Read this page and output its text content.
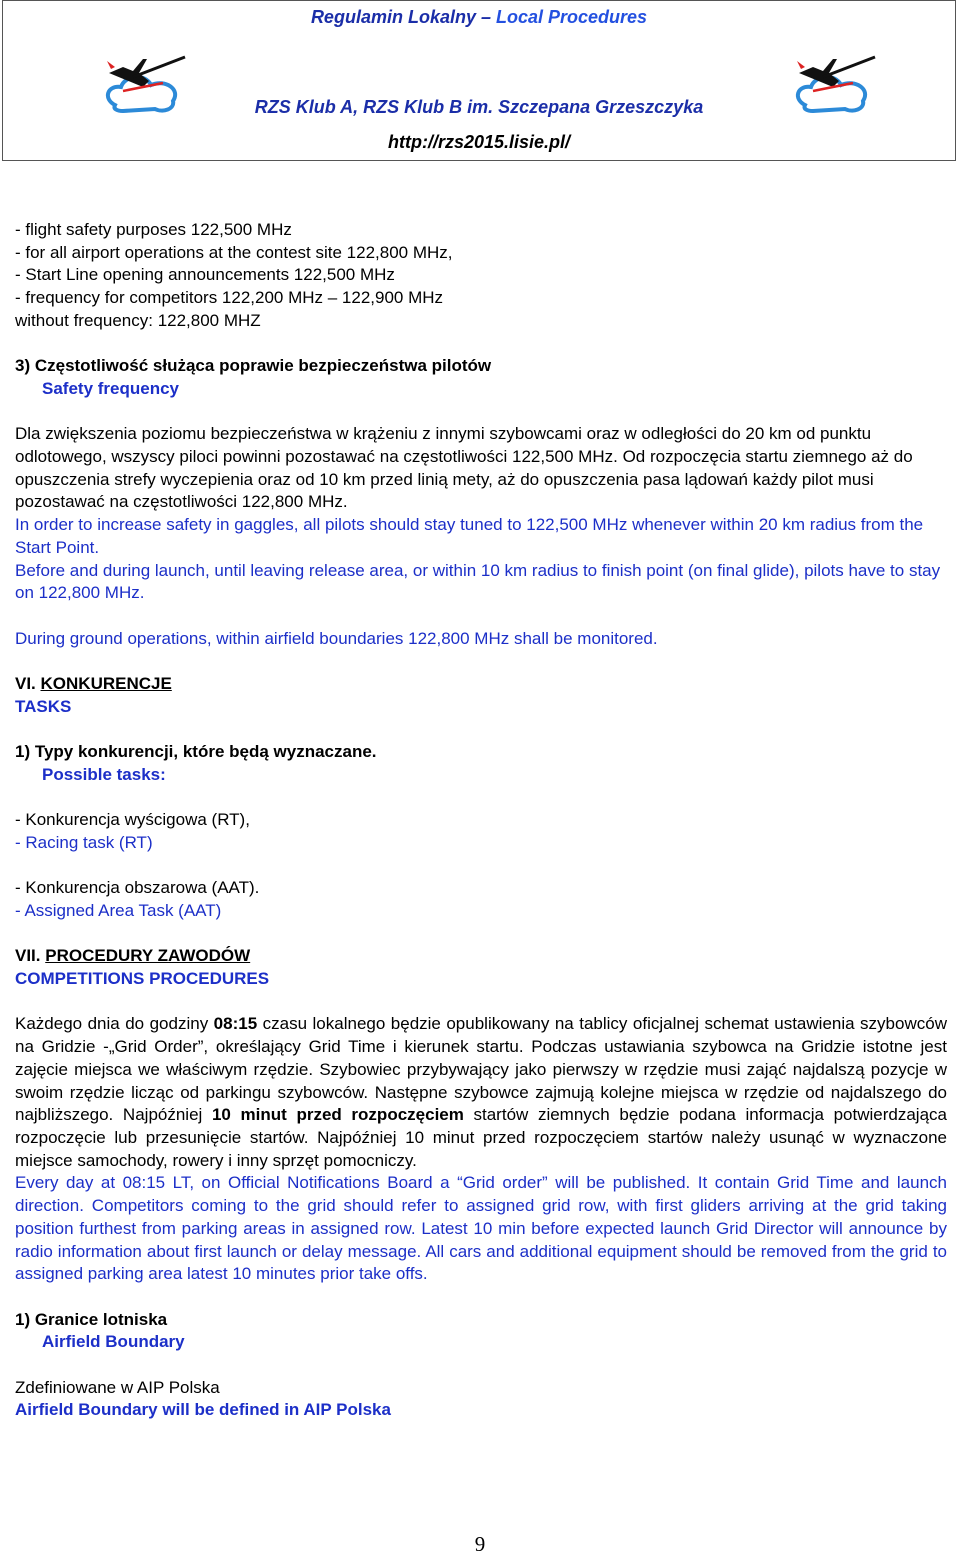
Regulamin Lokalny – Local Procedures
RZS Klub A, RZS Klub B im. Szczepana Grzeszczyka
http://rzs2015.lisie.pl/
- flight safety purposes 122,500 MHz
- for all airport operations at the contest site 122,800 MHz,
- Start Line opening announcements 122,500 MHz
- frequency for competitors 122,200 MHz – 122,900 MHz
without frequency: 122,800 MHZ
3) Częstotliwość służąca poprawie bezpieczeństwa pilotów
Safety frequency
Dla zwiększenia poziomu bezpieczeństwa w krążeniu z innymi szybowcami oraz w odległości do 20 km od punktu odlotowego, wszyscy piloci powinni pozostawać na częstotliwości 122,500 MHz. Od rozpoczęcia startu ziemnego aż do opuszczenia strefy wyczepienia oraz od 10 km przed linią mety, aż do opuszczenia pasa lądowań każdy pilot musi pozostawać na częstotliwości 122,800 MHz.
In order to increase safety in gaggles, all pilots should stay tuned to 122,500 MHz whenever within 20 km radius from the Start Point.
Before and during launch, until leaving release area, or within 10 km radius to finish point (on final glide), pilots have to stay on 122,800 MHz.
During ground operations, within airfield boundaries 122,800 MHz shall be monitored.
VI. KONKURENCJE
TASKS
1) Typy konkurencji, które będą wyznaczane.
Possible tasks:
- Konkurencja wyścigowa (RT),
- Racing task (RT)
- Konkurencja obszarowa (AAT).
- Assigned Area Task (AAT)
VII. PROCEDURY ZAWODÓW
COMPETITIONS PROCEDURES
Każdego dnia do godziny 08:15 czasu lokalnego będzie opublikowany na tablicy oficjalnej schemat ustawienia szybowców na Gridzie -„Grid Order”, określający Grid Time i kierunek startu. Podczas ustawiania szybowca na Gridzie istotne jest zajęcie miejsca we właściwym rzędzie. Szybowiec przybywający jako pierwszy w rzędzie musi zająć najdalszą pozycje w swoim rzędzie licząc od parkingu szybowców. Następne szybowce zajmują kolejne miejsca w rzędzie od najdalszego do najbliższego. Najpóźniej 10 minut przed rozpoczęciem startów ziemnych będzie podana informacja potwierdzająca rozpoczęcie lub przesunięcie startów. Najpóźniej 10 minut przed rozpoczęciem startów należy usunąć w wyznaczone miejsce samochody, rowery i inny sprzęt pomocniczy.
Every day at 08:15 LT, on Official Notifications Board a “Grid order” will be published. It contain Grid Time and launch direction. Competitors coming to the grid should refer to assigned grid row, with first gliders arriving at the grid taking position furthest from parking areas in assigned row. Latest 10 min before expected launch Grid Director will announce by radio information about first launch or delay message. All cars and additional equipment should be removed from the grid to assigned parking area latest 10 minutes prior take offs.
1) Granice lotniska
Airfield Boundary
Zdefiniowane w AIP Polska
Airfield Boundary will be defined in AIP Polska
9
